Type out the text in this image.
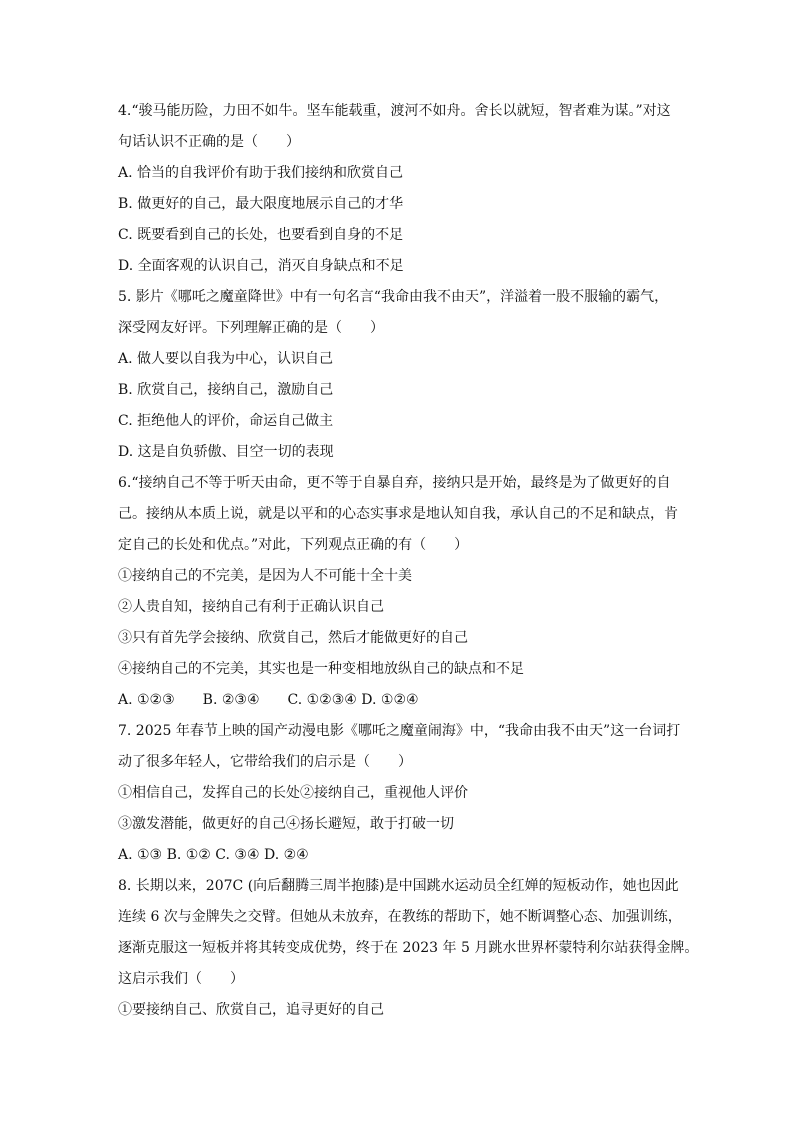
4.“骏马能历险，力田不如牛。坚车能载重，渡河不如舟。舍长以就短，智者难为谋。”对这
句话认识不正确的是（　　）
A. 恰当的自我评价有助于我们接纳和欣赏自己
B. 做更好的自己，最大限度地展示自己的才华
C. 既要看到自己的长处，也要看到自身的不足
D. 全面客观的认识自己，消灭自身缺点和不足
5. 影片《哪吒之魔童降世》中有一句名言“我命由我不由天”，洋溢着一股不服输的霸气，
深受网友好评。下列理解正确的是（　　）
A. 做人要以自我为中心，认识自己
B. 欣赏自己，接纳自己，激励自己
C. 拒绝他人的评价，命运自己做主
D. 这是自负骄傲、目空一切的表现
6.“接纳自己不等于听天由命，更不等于自暴自弃，接纳只是开始，最终是为了做更好的自
己。接纳从本质上说，就是以平和的心态实事求是地认知自我，承认自己的不足和缺点，肯
定自己的长处和优点。”对此，下列观点正确的有（　　）
①接纳自己的不完美，是因为人不可能十全十美
②人贵自知，接纳自己有利于正确认识自己
③只有首先学会接纳、欣赏自己，然后才能做更好的自己
④接纳自己的不完美，其实也是一种变相地放纵自己的缺点和不足
A. ①②③　　B. ②③④　　C. ①②③④ D. ①②④
7. 2025 年春节上映的国产动漫电影《哪吒之魔童闹海》中，“我命由我不由天”这一台词打
动了很多年轻人，它带给我们的启示是（　　）
①相信自己，发挥自己的长处②接纳自己，重视他人评价
③激发潜能，做更好的自己④扬长避短，敢于打破一切
A. ①③ B. ①② C. ③④ D. ②④
8. 长期以来，207C (向后翻腾三周半抱膝)是中国跳水运动员全红婵的短板动作，她也因此
连续 6 次与金牌失之交臂。但她从未放弃，在教练的帮助下，她不断调整心态、加强训练，
逐渐克服这一短板并将其转变成优势，终于在 2023 年 5 月跳水世界杯蒙特利尔站获得金牌。
这启示我们（　　）
①要接纳自己、欣赏自己，追寻更好的自己
